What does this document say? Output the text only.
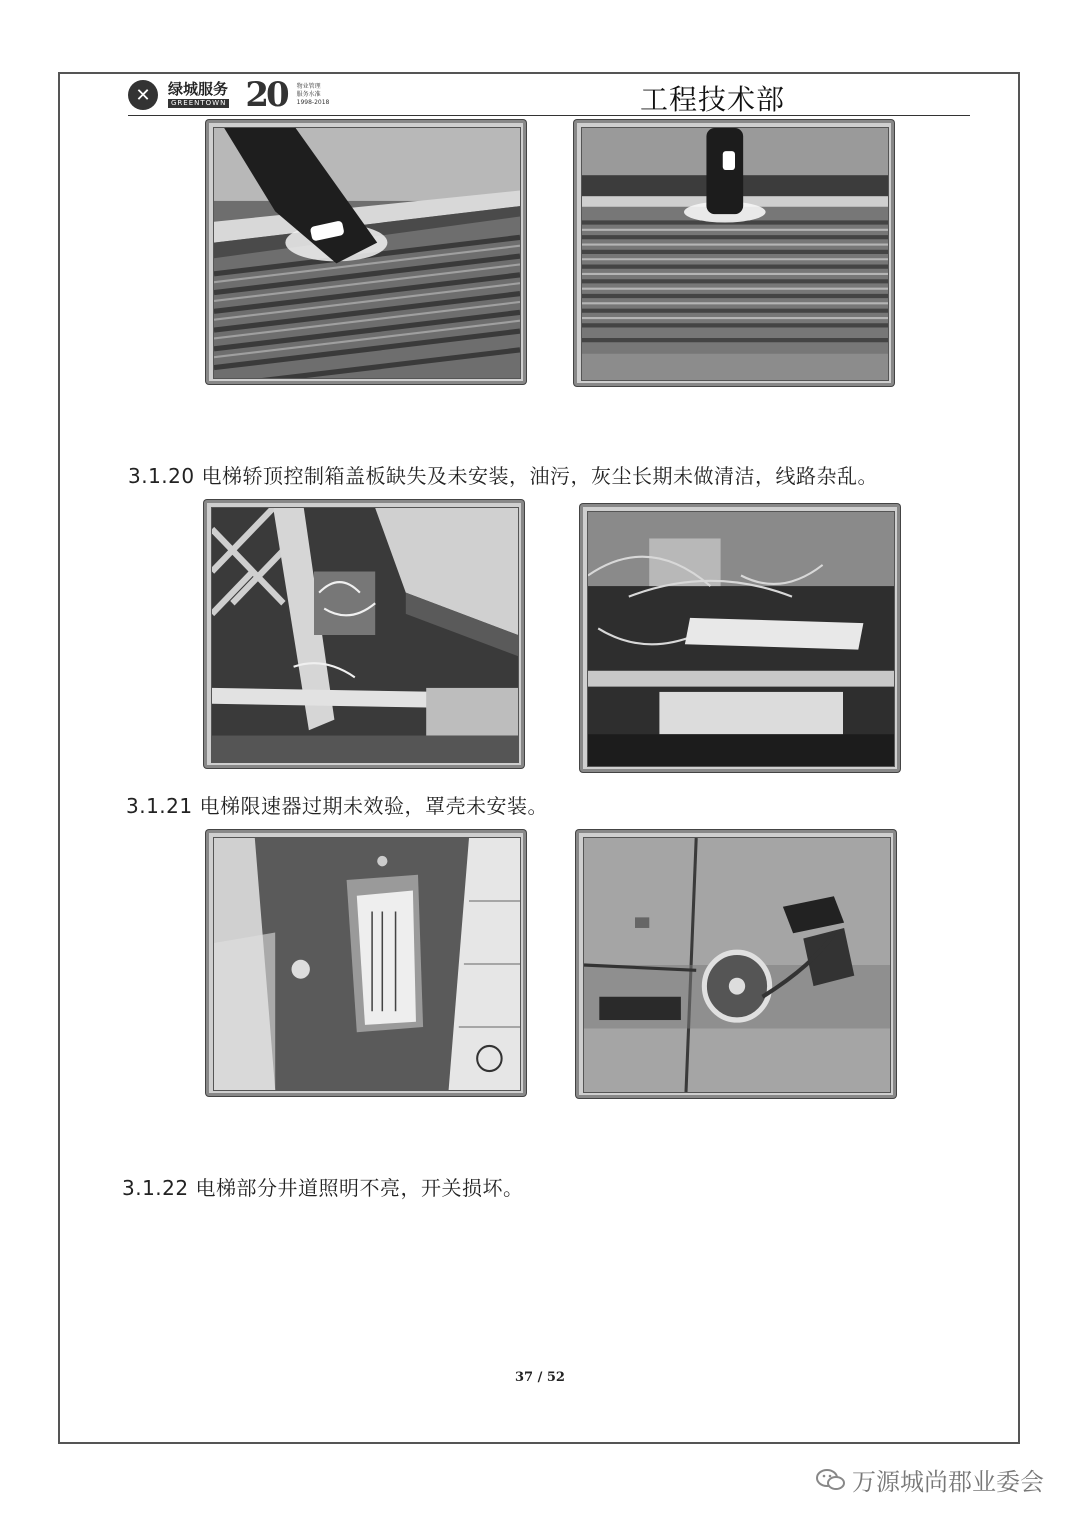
✕	绿城服务
GREENTOWN 20 物业管理
服务水准
1998-2018	工程技术部
3.1.20 电梯轿顶控制箱盖板缺失及未安装，油污，灰尘长期未做清洁，线路杂乱。
3.1.21 电梯限速器过期未效验，罩壳未安装。
3.1.22 电梯部分井道照明不亮，开关损坏。
37 / 52
万源城尚郡业委会
